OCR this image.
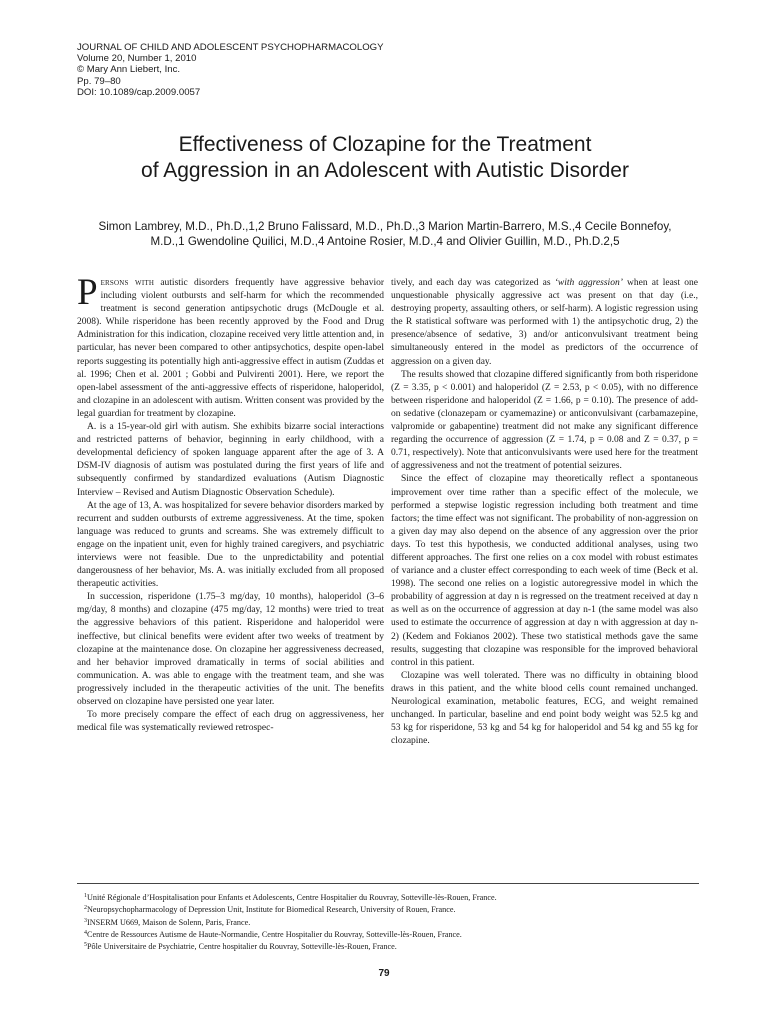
JOURNAL OF CHILD AND ADOLESCENT PSYCHOPHARMACOLOGY
Volume 20, Number 1, 2010
© Mary Ann Liebert, Inc.
Pp. 79–80
DOI: 10.1089/cap.2009.0057
Effectiveness of Clozapine for the Treatment
of Aggression in an Adolescent with Autistic Disorder
Simon Lambrey, M.D., Ph.D.,1,2 Bruno Falissard, M.D., Ph.D.,3 Marion Martin-Barrero, M.S.,4 Cecile Bonnefoy,
M.D.,1 Gwendoline Quilici, M.D.,4 Antoine Rosier, M.D.,4 and Olivier Guillin, M.D., Ph.D.2,5

Persons with autistic disorders frequently have aggressive behavior including violent outbursts and self-harm for which the recommended treatment is second generation antipsychotic drugs (McDougle et al. 2008). While risperidone has been recently approved by the Food and Drug Administration for this indication, clozapine received very little attention and, in particular, has never been compared to other antipsychotics, despite open-label reports suggesting its potentially high anti-aggressive effect in autism (Zuddas et al. 1996; Chen et al. 2001 ; Gobbi and Pulvirenti 2001). Here, we report the open-label assessment of the anti-aggressive effects of risperidone, haloperidol, and clozapine in an adolescent with autism. Written consent was provided by the legal guardian for treatment by clozapine.

A. is a 15-year-old girl with autism. She exhibits bizarre social interactions and restricted patterns of behavior, beginning in early childhood, with a developmental deficiency of spoken language apparent after the age of 3. A DSM-IV diagnosis of autism was postulated during the first years of life and subsequently confirmed by standardized evaluations (Autism Diagnostic Interview – Revised and Autism Diagnostic Observation Schedule).

At the age of 13, A. was hospitalized for severe behavior disorders marked by recurrent and sudden outbursts of extreme aggressiveness. At the time, spoken language was reduced to grunts and screams. She was extremely difficult to engage on the inpatient unit, even for highly trained caregivers, and psychiatric interviews were not feasible. Due to the unpredictability and potential dangerousness of her behavior, Ms. A. was initially excluded from all proposed therapeutic activities.

In succession, risperidone (1.75–3 mg/day, 10 months), haloperidol (3–6 mg/day, 8 months) and clozapine (475 mg/day, 12 months) were tried to treat the aggressive behaviors of this patient. Risperidone and haloperidol were ineffective, but clinical benefits were evident after two weeks of treatment by clozapine at the maintenance dose. On clozapine her aggressiveness decreased, and her behavior improved dramatically in terms of social abilities and communication. A. was able to engage with the treatment team, and she was progressively included in the therapeutic activities of the unit. The benefits observed on clozapine have persisted one year later.

To more precisely compare the effect of each drug on aggressiveness, her medical file was systematically reviewed retrospec-

tively, and each day was categorized as ‘with aggression’ when at least one unquestionable physically aggressive act was present on that day (i.e., destroying property, assaulting others, or self-harm). A logistic regression using the R statistical software was performed with 1) the antipsychotic drug, 2) the presence/absence of sedative, 3) and/or anticonvulsivant treatment being simultaneously entered in the model as predictors of the occurrence of aggression on a given day.

The results showed that clozapine differed significantly from both risperidone (Z = 3.35, p < 0.001) and haloperidol (Z = 2.53, p < 0.05), with no difference between risperidone and haloperidol (Z = 1.66, p = 0.10). The presence of add-on sedative (clonazepam or cyamemazine) or anticonvulsivant (carbamazepine, valpromide or gabapentine) treatment did not make any significant difference regarding the occurrence of aggression (Z = 1.74, p = 0.08 and Z = 0.37, p = 0.71, respectively). Note that anticonvulsivants were used here for the treatment of aggressiveness and not the treatment of potential seizures.

Since the effect of clozapine may theoretically reflect a spontaneous improvement over time rather than a specific effect of the molecule, we performed a stepwise logistic regression including both treatment and time factors; the time effect was not significant. The probability of non-aggression on a given day may also depend on the absence of any aggression over the prior days. To test this hypothesis, we conducted additional analyses, using two different approaches. The first one relies on a cox model with robust estimates of variance and a cluster effect corresponding to each week of time (Beck et al. 1998). The second one relies on a logistic autoregressive model in which the probability of aggression at day n is regressed on the treatment received at day n as well as on the occurrence of aggression at day n-1 (the same model was also used to estimate the occurrence of aggression at day n with aggression at day n-2) (Kedem and Fokianos 2002). These two statistical methods gave the same results, suggesting that clozapine was responsible for the improved behavioral control in this patient.

Clozapine was well tolerated. There was no difficulty in obtaining blood draws in this patient, and the white blood cells count remained unchanged. Neurological examination, metabolic features, ECG, and weight remained unchanged. In particular, baseline and end point body weight was 52.5 kg and 53 kg for risperidone, 53 kg and 54 kg for haloperidol and 54 kg and 55 kg for clozapine.

$^1$Unité Régionale d’Hospitalisation pour Enfants et Adolescents, Centre Hospitalier du Rouvray, Sotteville-lès-Rouen, France.
$^2$Neuropsychopharmacology of Depression Unit, Institute for Biomedical Research, University of Rouen, France.
$^3$INSERM U669, Maison de Solenn, Paris, France.
$^4$Centre de Ressources Autisme de Haute-Normandie, Centre Hospitalier du Rouvray, Sotteville-lès-Rouen, France.
$^5$Pôle Universitaire de Psychiatrie, Centre hospitalier du Rouvray, Sotteville-lès-Rouen, France.
79
